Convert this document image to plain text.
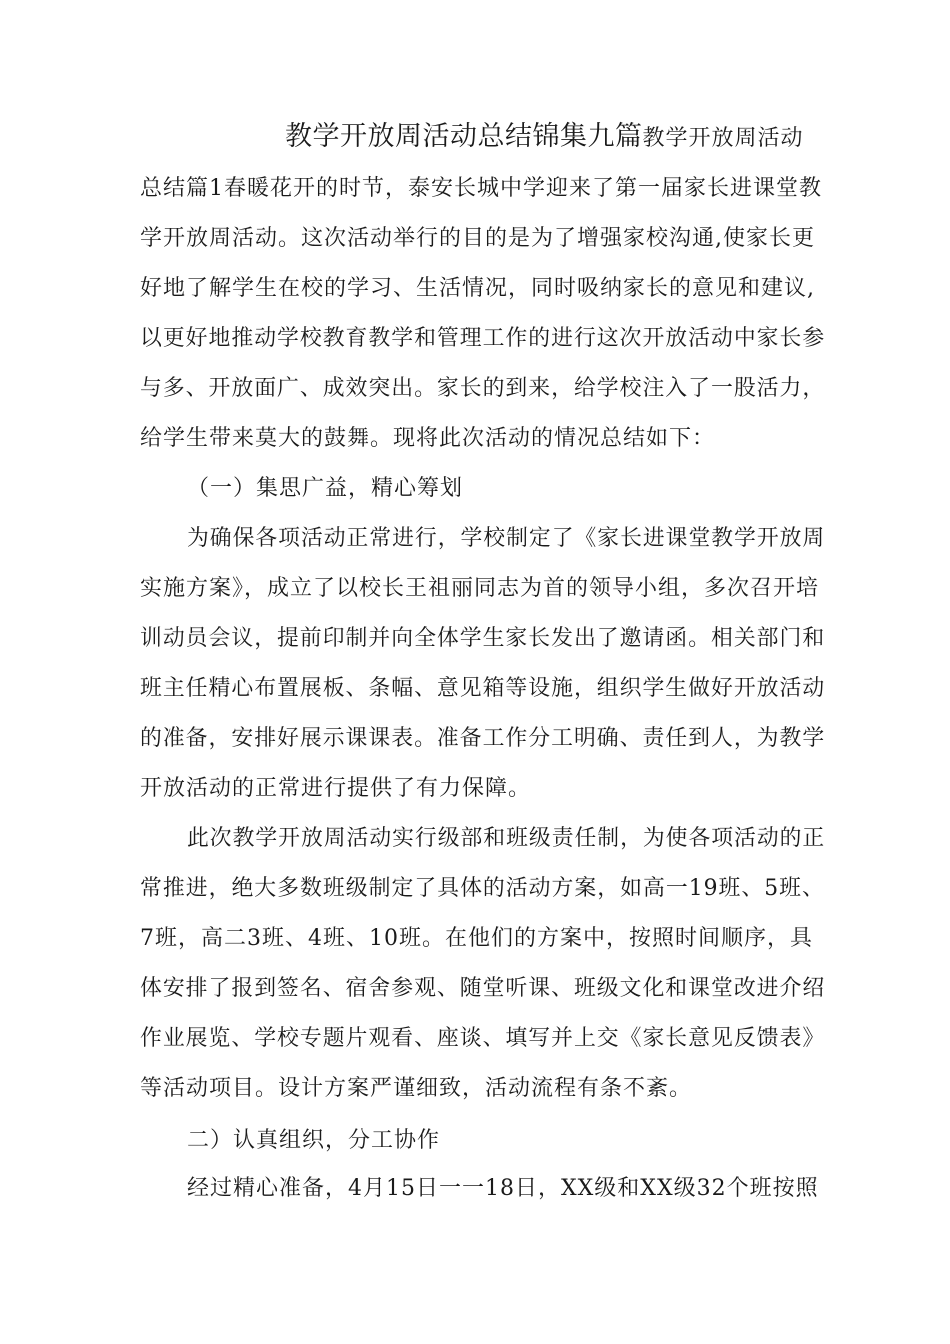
教学开放周活动总结锦集九篇教学开放周活动
总结篇1春暖花开的时节，泰安长城中学迎来了第一届家长进课堂教
学开放周活动。这次活动举行的目的是为了增强家校沟通,使家长更
好地了解学生在校的学习、生活情况，同时吸纳家长的意见和建议,
以更好地推动学校教育教学和管理工作的进行这次开放活动中家长参
与多、开放面广、成效突出。家长的到来，给学校注入了一股活力，
给学生带来莫大的鼓舞。现将此次活动的情况总结如下：
（一）集思广益，精心筹划
为确保各项活动正常进行，学校制定了《家长进课堂教学开放周
实施方案》，成立了以校长王祖丽同志为首的领导小组，多次召开培
训动员会议，提前印制并向全体学生家长发出了邀请函。相关部门和
班主任精心布置展板、条幅、意见箱等设施，组织学生做好开放活动
的准备，安排好展示课课表。准备工作分工明确、责任到人，为教学
开放活动的正常进行提供了有力保障。
此次教学开放周活动实行级部和班级责任制，为使各项活动的正
常推进，绝大多数班级制定了具体的活动方案，如高一19班、5班、
7班，高二3班、4班、10班。在他们的方案中，按照时间顺序，具
体安排了报到签名、宿舍参观、随堂听课、班级文化和课堂改进介绍
作业展览、学校专题片观看、座谈、填写并上交《家长意见反馈表》
等活动项目。设计方案严谨细致，活动流程有条不紊。
二）认真组织，分工协作
经过精心准备，4月15日一一18日，XX级和XX级32个班按照
